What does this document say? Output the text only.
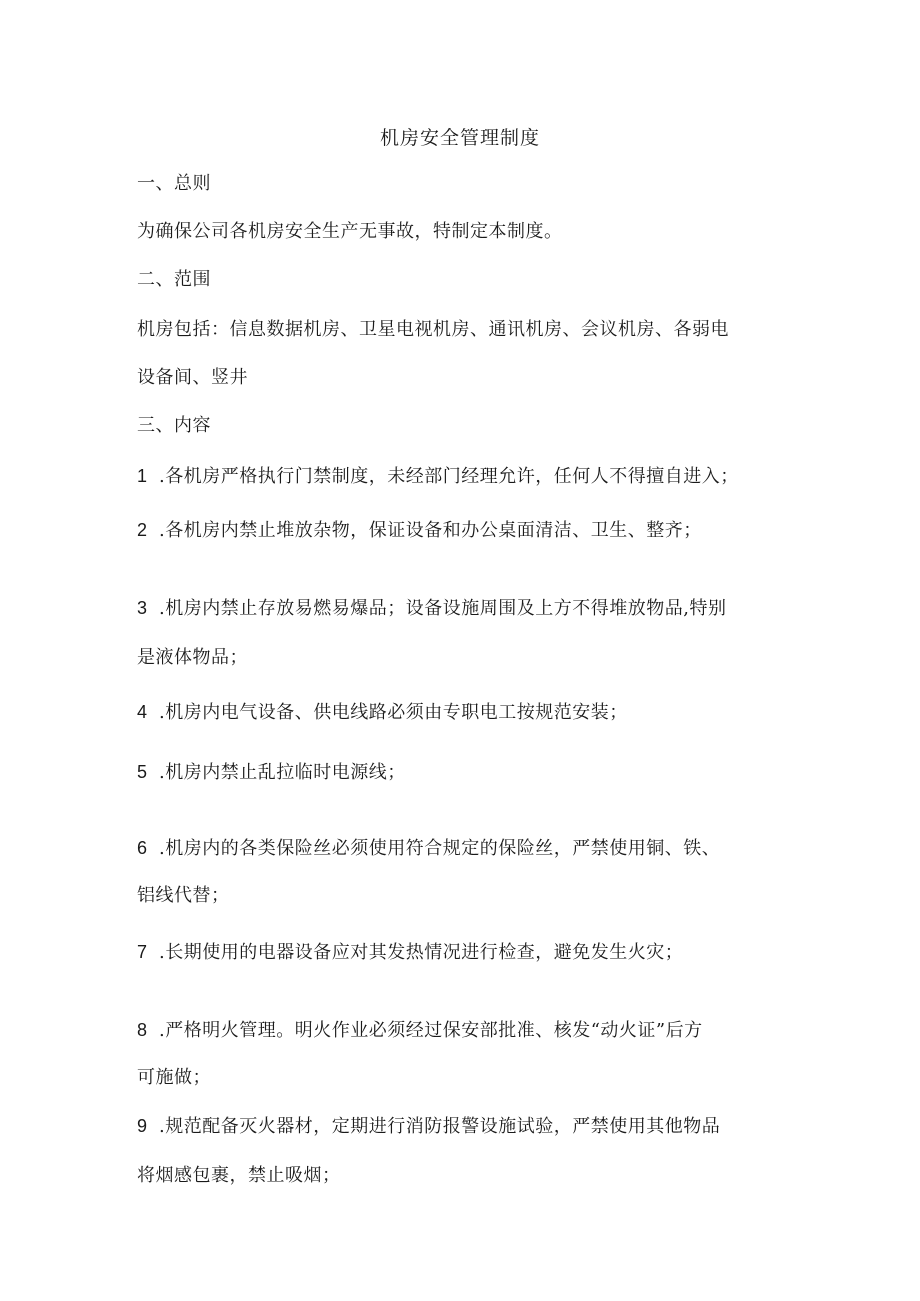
机房安全管理制度
一、总则
为确保公司各机房安全生产无事故，特制定本制度。
二、范围
机房包括：信息数据机房、卫星电视机房、通讯机房、会议机房、各弱电
设备间、竖井
三、内容
1 .各机房严格执行门禁制度，未经部门经理允许，任何人不得擅自进入；
2 .各机房内禁止堆放杂物，保证设备和办公桌面清洁、卫生、整齐；
3 .机房内禁止存放易燃易爆品；设备设施周围及上方不得堆放物品,特别
是液体物品；
4 .机房内电气设备、供电线路必须由专职电工按规范安装；
5 .机房内禁止乱拉临时电源线；
6 .机房内的各类保险丝必须使用符合规定的保险丝，严禁使用铜、铁、
铝线代替；
7 .长期使用的电器设备应对其发热情况进行检查，避免发生火灾；
8 .严格明火管理。明火作业必须经过保安部批准、核发“动火证”后方
可施做；
9 .规范配备灭火器材，定期进行消防报警设施试验，严禁使用其他物品
将烟感包裹，禁止吸烟；
